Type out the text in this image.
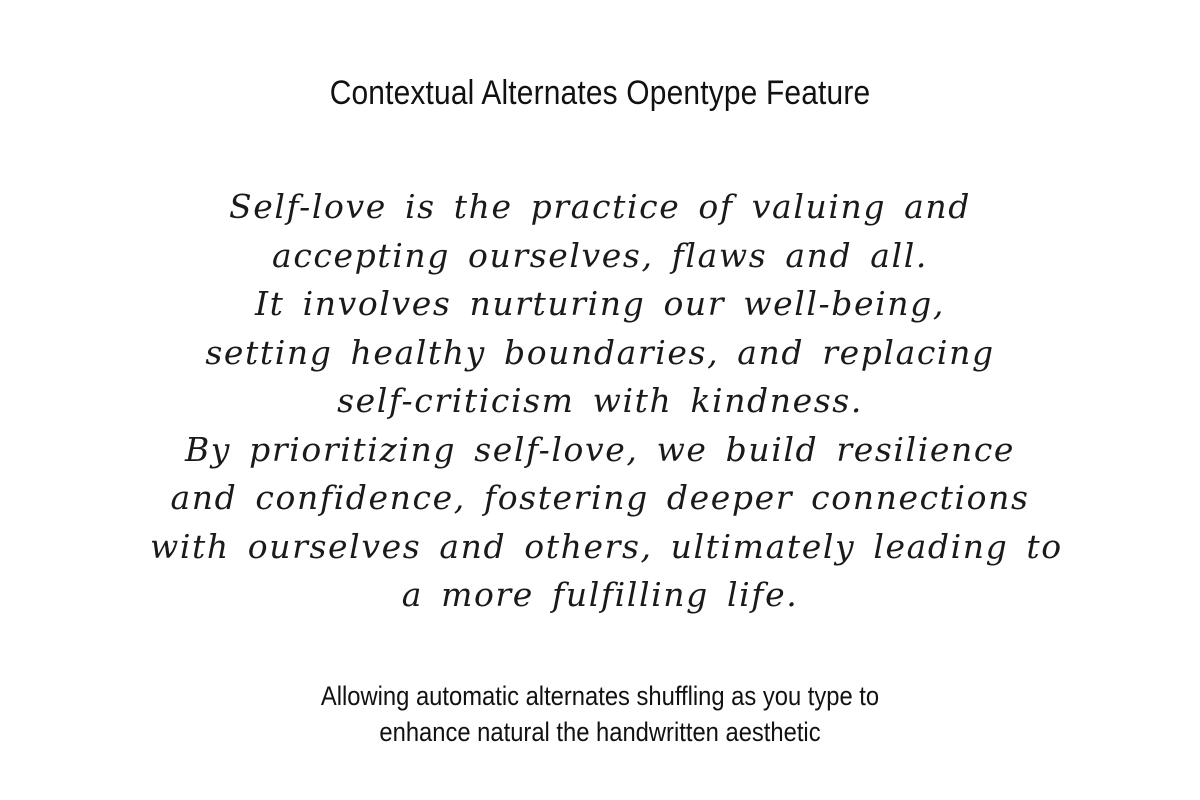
Contextual Alternates Opentype Feature
Self-love is the practice of valuing and
accepting ourselves, flaws and all.
It involves nurturing our well-being,
setting healthy boundaries, and replacing
self-criticism with kindness.
By prioritizing self-love, we build resilience
and confidence, fostering deeper connections
with ourselves and others, ultimately leading to
a more fulfilling life.
Allowing automatic alternates shuffling as you type to
enhance natural the handwritten aesthetic
